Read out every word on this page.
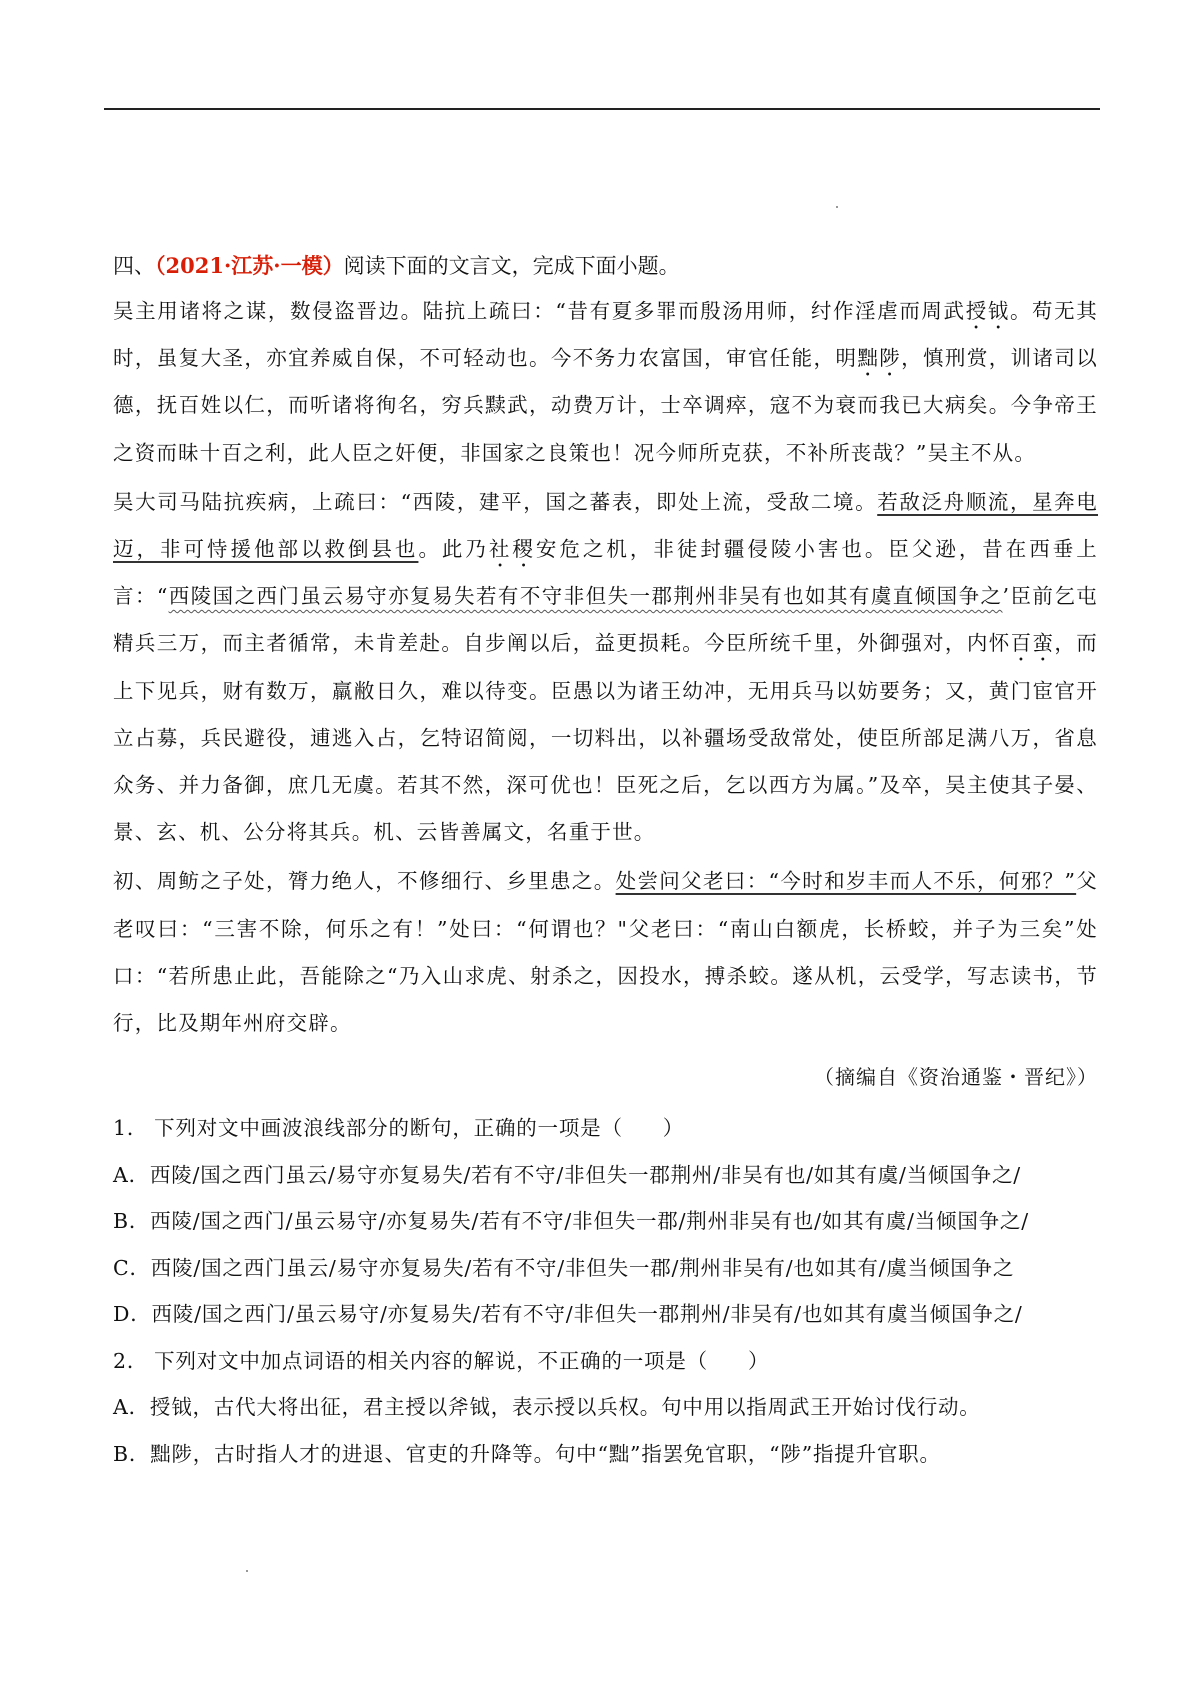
四、（2021·江苏·一模）阅读下面的文言文，完成下面小题。

吴主用诸将之谋，数侵盗晋边。陆抗上疏曰：“昔有夏多罪而殷汤用师，纣作淫虐而周武授钺。苟无其时，虽复大圣，亦宜养威自保，不可轻动也。今不务力农富国，审官任能，明黜陟，慎刑赏，训诸司以德，抚百姓以仁，而听诸将徇名，穷兵黩武，动费万计，士卒调瘁，寇不为衰而我已大病矣。今争帝王之资而昧十百之利，此人臣之奸便，非国家之良策也！况今师所克获，不补所丧哉？”吴主不从。

吴大司马陆抗疾病，上疏曰：“西陵，建平，国之蕃表，即处上流，受敌二境。若敌泛舟顺流，星奔电迈，非可恃援他部以救倒县也。此乃社稷安危之机，非徒封疆侵陵小害也。臣父逊，昔在西垂上言：“西陵国之西门虽云易守亦复易失若有不守非但失一郡荆州非吴有也如其有虞直倾国争之’臣前乞屯精兵三万，而主者循常，未肯差赴。自步阐以后，益更损耗。今臣所统千里，外御强对，内怀百蛮，而上下见兵，财有数万，羸敝日久，难以待变。臣愚以为诸王幼冲，无用兵马以妨要务；又，黄门宦官开立占募，兵民避役，逋逃入占，乞特诏简阅，一切料出，以补疆场受敌常处，使臣所部足满八万，省息众务、并力备御，庶几无虞。若其不然，深可优也！臣死之后，乞以西方为属。”及卒，吴主使其子晏、景、玄、机、公分将其兵。机、云皆善属文，名重于世。

初、周鲂之子处，膂力绝人，不修细行、乡里患之。处尝问父老曰：“今时和岁丰而人不乐，何邪？”父老叹曰：“三害不除，何乐之有！”处曰：“何谓也？"父老曰：“南山白额虎，长桥蛟，并子为三矣”处口：“若所患止此，吾能除之“乃入山求虎、射杀之，因投水，搏杀蛟。遂从机，云受学，写志读书，节行，比及期年州府交辟。

（摘编自《资治通鉴・晋纪》）

1． 下列对文中画波浪线部分的断句，正确的一项是（ ）

A．西陵/国之西门虽云/易守亦复易失/若有不守/非但失一郡荆州/非吴有也/如其有虞/当倾国争之/

B．西陵/国之西门/虽云易守/亦复易失/若有不守/非但失一郡/荆州非吴有也/如其有虞/当倾国争之/

C．西陵/国之西门虽云/易守亦复易失/若有不守/非但失一郡/荆州非吴有/也如其有/虞当倾国争之

D．西陵/国之西门/虽云易守/亦复易失/若有不守/非但失一郡荆州/非吴有/也如其有虞当倾国争之/

2． 下列对文中加点词语的相关内容的解说，不正确的一项是（ ）

A．授钺，古代大将出征，君主授以斧钺，表示授以兵权。句中用以指周武王开始讨伐行动。

B．黜陟，古时指人才的进退、官吏的升降等。句中“黜”指罢免官职，“陟”指提升官职。
